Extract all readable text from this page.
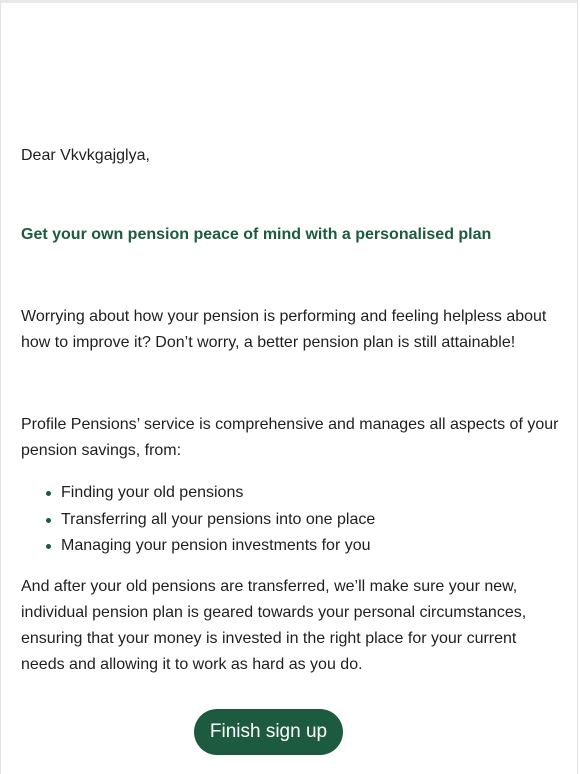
Dear Vkvkgajglya,

Get your own pension peace of mind with a personalised plan

Worrying about how your pension is performing and feeling helpless about how to improve it? Don’t worry, a better pension plan is still attainable!

Profile Pensions’ service is comprehensive and manages all aspects of your pension savings, from:

Finding your old pensions
Transferring all your pensions into one place
Managing your pension investments for you

And after your old pensions are transferred, we’ll make sure your new, individual pension plan is geared towards your personal circumstances, ensuring that your money is invested in the right place for your current needs and allowing it to work as hard as you do.

Finish sign up
